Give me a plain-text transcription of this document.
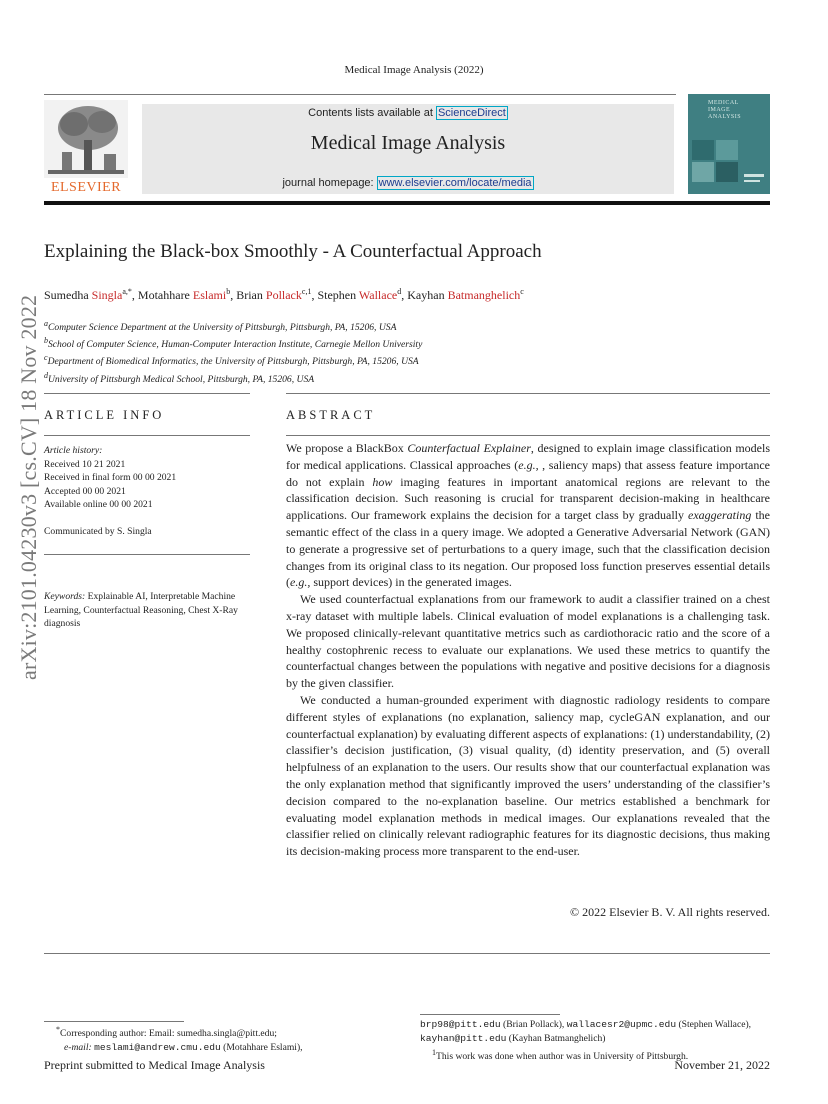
Medical Image Analysis (2022)
ELSEVIER
Contents lists available at ScienceDirect
Medical Image Analysis
journal homepage: www.elsevier.com/locate/media
MEDICAL IMAGE ANALYSIS
Explaining the Black-box Smoothly - A Counterfactual Approach
Sumedha Singla$^{a,*}$, Motahhare Eslami$^b$, Brian Pollack$^{c,1}$, Stephen Wallace$^d$, Kayhan Batmanghelich$^c$
$^a$Computer Science Department at the University of Pittsburgh, Pittsburgh, PA, 15206, USA
$^b$School of Computer Science, Human-Computer Interaction Institute, Carnegie Mellon University
$^c$Department of Biomedical Informatics, the University of Pittsburgh, Pittsburgh, PA, 15206, USA
$^d$University of Pittsburgh Medical School, Pittsburgh, PA, 15206, USA
arXiv:2101.04230v3 [cs.CV] 18 Nov 2022 ARTICLE INFO	ABSTRACT
Article history:
Received 10 21 2021
Received in final form 00 00 2021
Accepted 00 00 2021
Available online 00 00 2021
Communicated by S. Singla
Keywords: Explainable AI, Interpretable Machine Learning, Counterfactual Reasoning, Chest X-Ray diagnosis

We propose a BlackBox Counterfactual Explainer, designed to explain image classification models for medical applications. Classical approaches (e.g., , saliency maps) that assess feature importance do not explain how imaging features in important anatomical regions are relevant to the classification decision. Such reasoning is crucial for transparent decision-making in healthcare applications. Our framework explains the decision for a target class by gradually exaggerating the semantic effect of the class in a query image. We adopted a Generative Adversarial Network (GAN) to generate a progressive set of perturbations to a query image, such that the classification decision changes from its original class to its negation. Our proposed loss function preserves essential details (e.g., support devices) in the generated images.

We used counterfactual explanations from our framework to audit a classifier trained on a chest x-ray dataset with multiple labels. Clinical evaluation of model explanations is a challenging task. We proposed clinically-relevant quantitative metrics such as cardiothoracic ratio and the score of a healthy costophrenic recess to evaluate our explanations. We used these metrics to quantify the counterfactual changes between the populations with negative and positive decisions for a diagnosis by the given classifier.

We conducted a human-grounded experiment with diagnostic radiology residents to compare different styles of explanations (no explanation, saliency map, cycleGAN explanation, and our counterfactual explanation) by evaluating different aspects of explanations: (1) understandability, (2) classifier’s decision justification, (3) visual quality, (d) identity preservation, and (5) overall helpfulness of an explanation to the users. Our results show that our counterfactual explanation was the only explanation method that significantly improved the users’ understanding of the classifier’s decision compared to the no-explanation baseline. Our metrics established a benchmark for evaluating model explanation methods in medical images. Our explanations revealed that the classifier relied on clinically relevant radiographic features for its diagnostic decisions, thus making its decision-making process more transparent to the end-user.

© 2022 Elsevier B. V. All rights reserved.
*Corresponding author: Email: sumedha.singla@pitt.edu;
e-mail: meslami@andrew.cmu.edu (Motahhare Eslami),
brp98@pitt.edu (Brian Pollack), wallacesr2@upmc.edu (Stephen Wallace), kayhan@pitt.edu (Kayhan Batmanghelich)
$^1$This work was done when author was in University of Pittsburgh.
Preprint submitted to Medical Image Analysis	November 21, 2022
